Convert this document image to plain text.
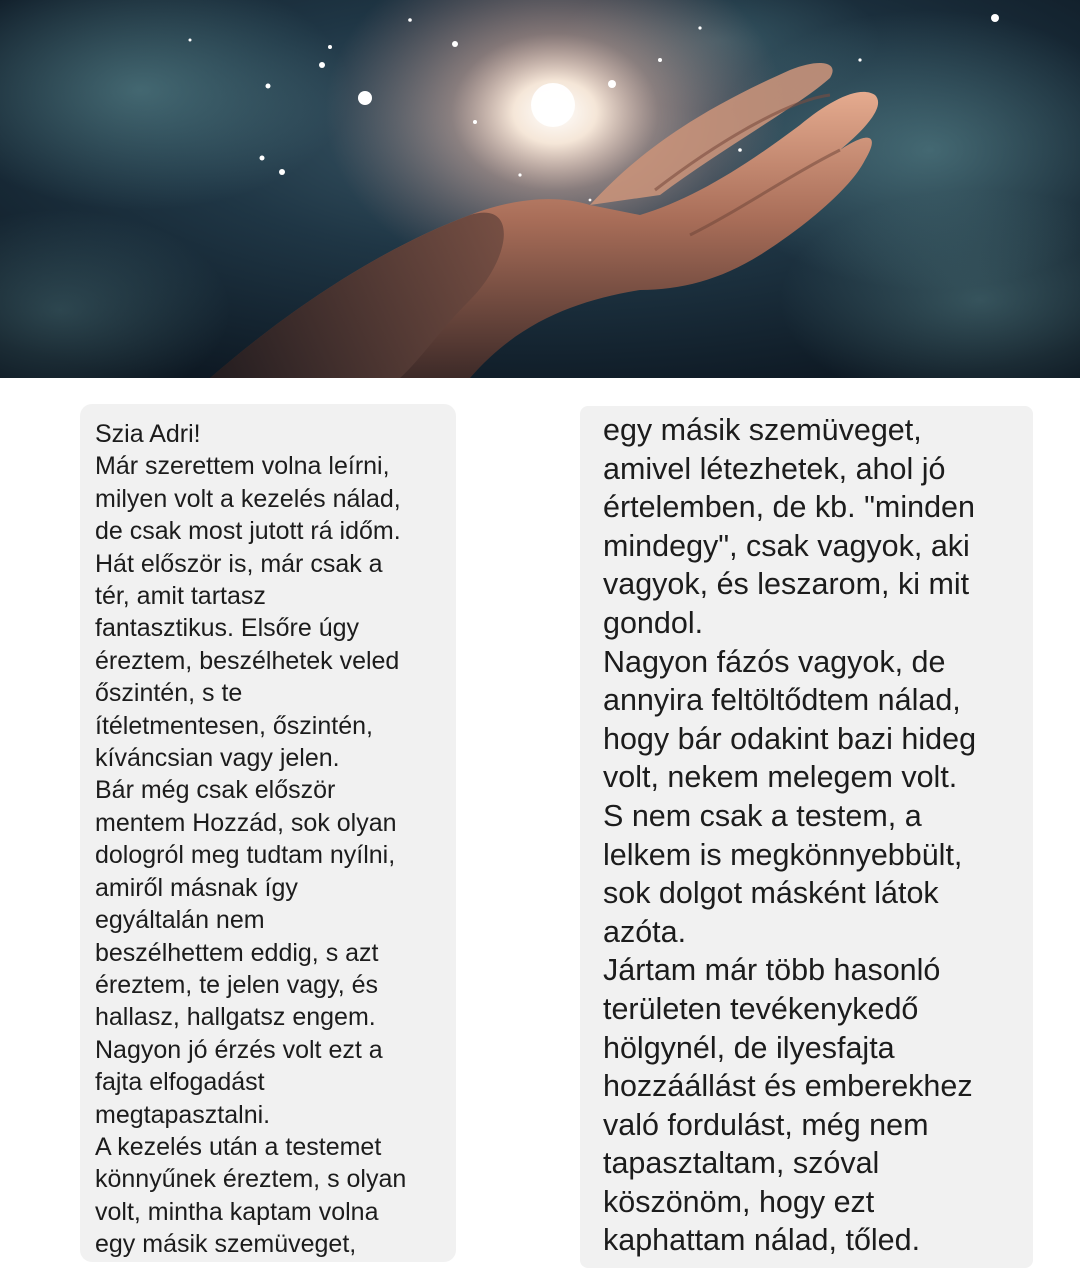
Szia Adri!
Már szerettem volna leírni,
milyen volt a kezelés nálad,
de csak most jutott rá időm.
Hát először is, már csak a
tér, amit tartasz
fantasztikus. Elsőre úgy
éreztem, beszélhetek veled
őszintén, s te
ítéletmentesen, őszintén,
kíváncsian vagy jelen.
Bár még csak először
mentem Hozzád, sok olyan
dologról meg tudtam nyílni,
amiről másnak így
egyáltalán nem
beszélhettem eddig, s azt
éreztem, te jelen vagy, és
hallasz, hallgatsz engem.
Nagyon jó érzés volt ezt a
fajta elfogadást
megtapasztalni.
A kezelés után a testemet
könnyűnek éreztem, s olyan
volt, mintha kaptam volna
egy másik szemüveget,
egy másik szemüveget,
amivel létezhetek, ahol jó
értelemben, de kb. "minden
mindegy", csak vagyok, aki
vagyok, és leszarom, ki mit
gondol.
Nagyon fázós vagyok, de
annyira feltöltődtem nálad,
hogy bár odakint bazi hideg
volt, nekem melegem volt.
S nem csak a testem, a
lelkem is megkönnyebbült,
sok dolgot másként látok
azóta.
Jártam már több hasonló
területen tevékenykedő
hölgynél, de ilyesfajta
hozzáállást és emberekhez
való fordulást, még nem
tapasztaltam, szóval
köszönöm, hogy ezt
kaphattam nálad, tőled.
